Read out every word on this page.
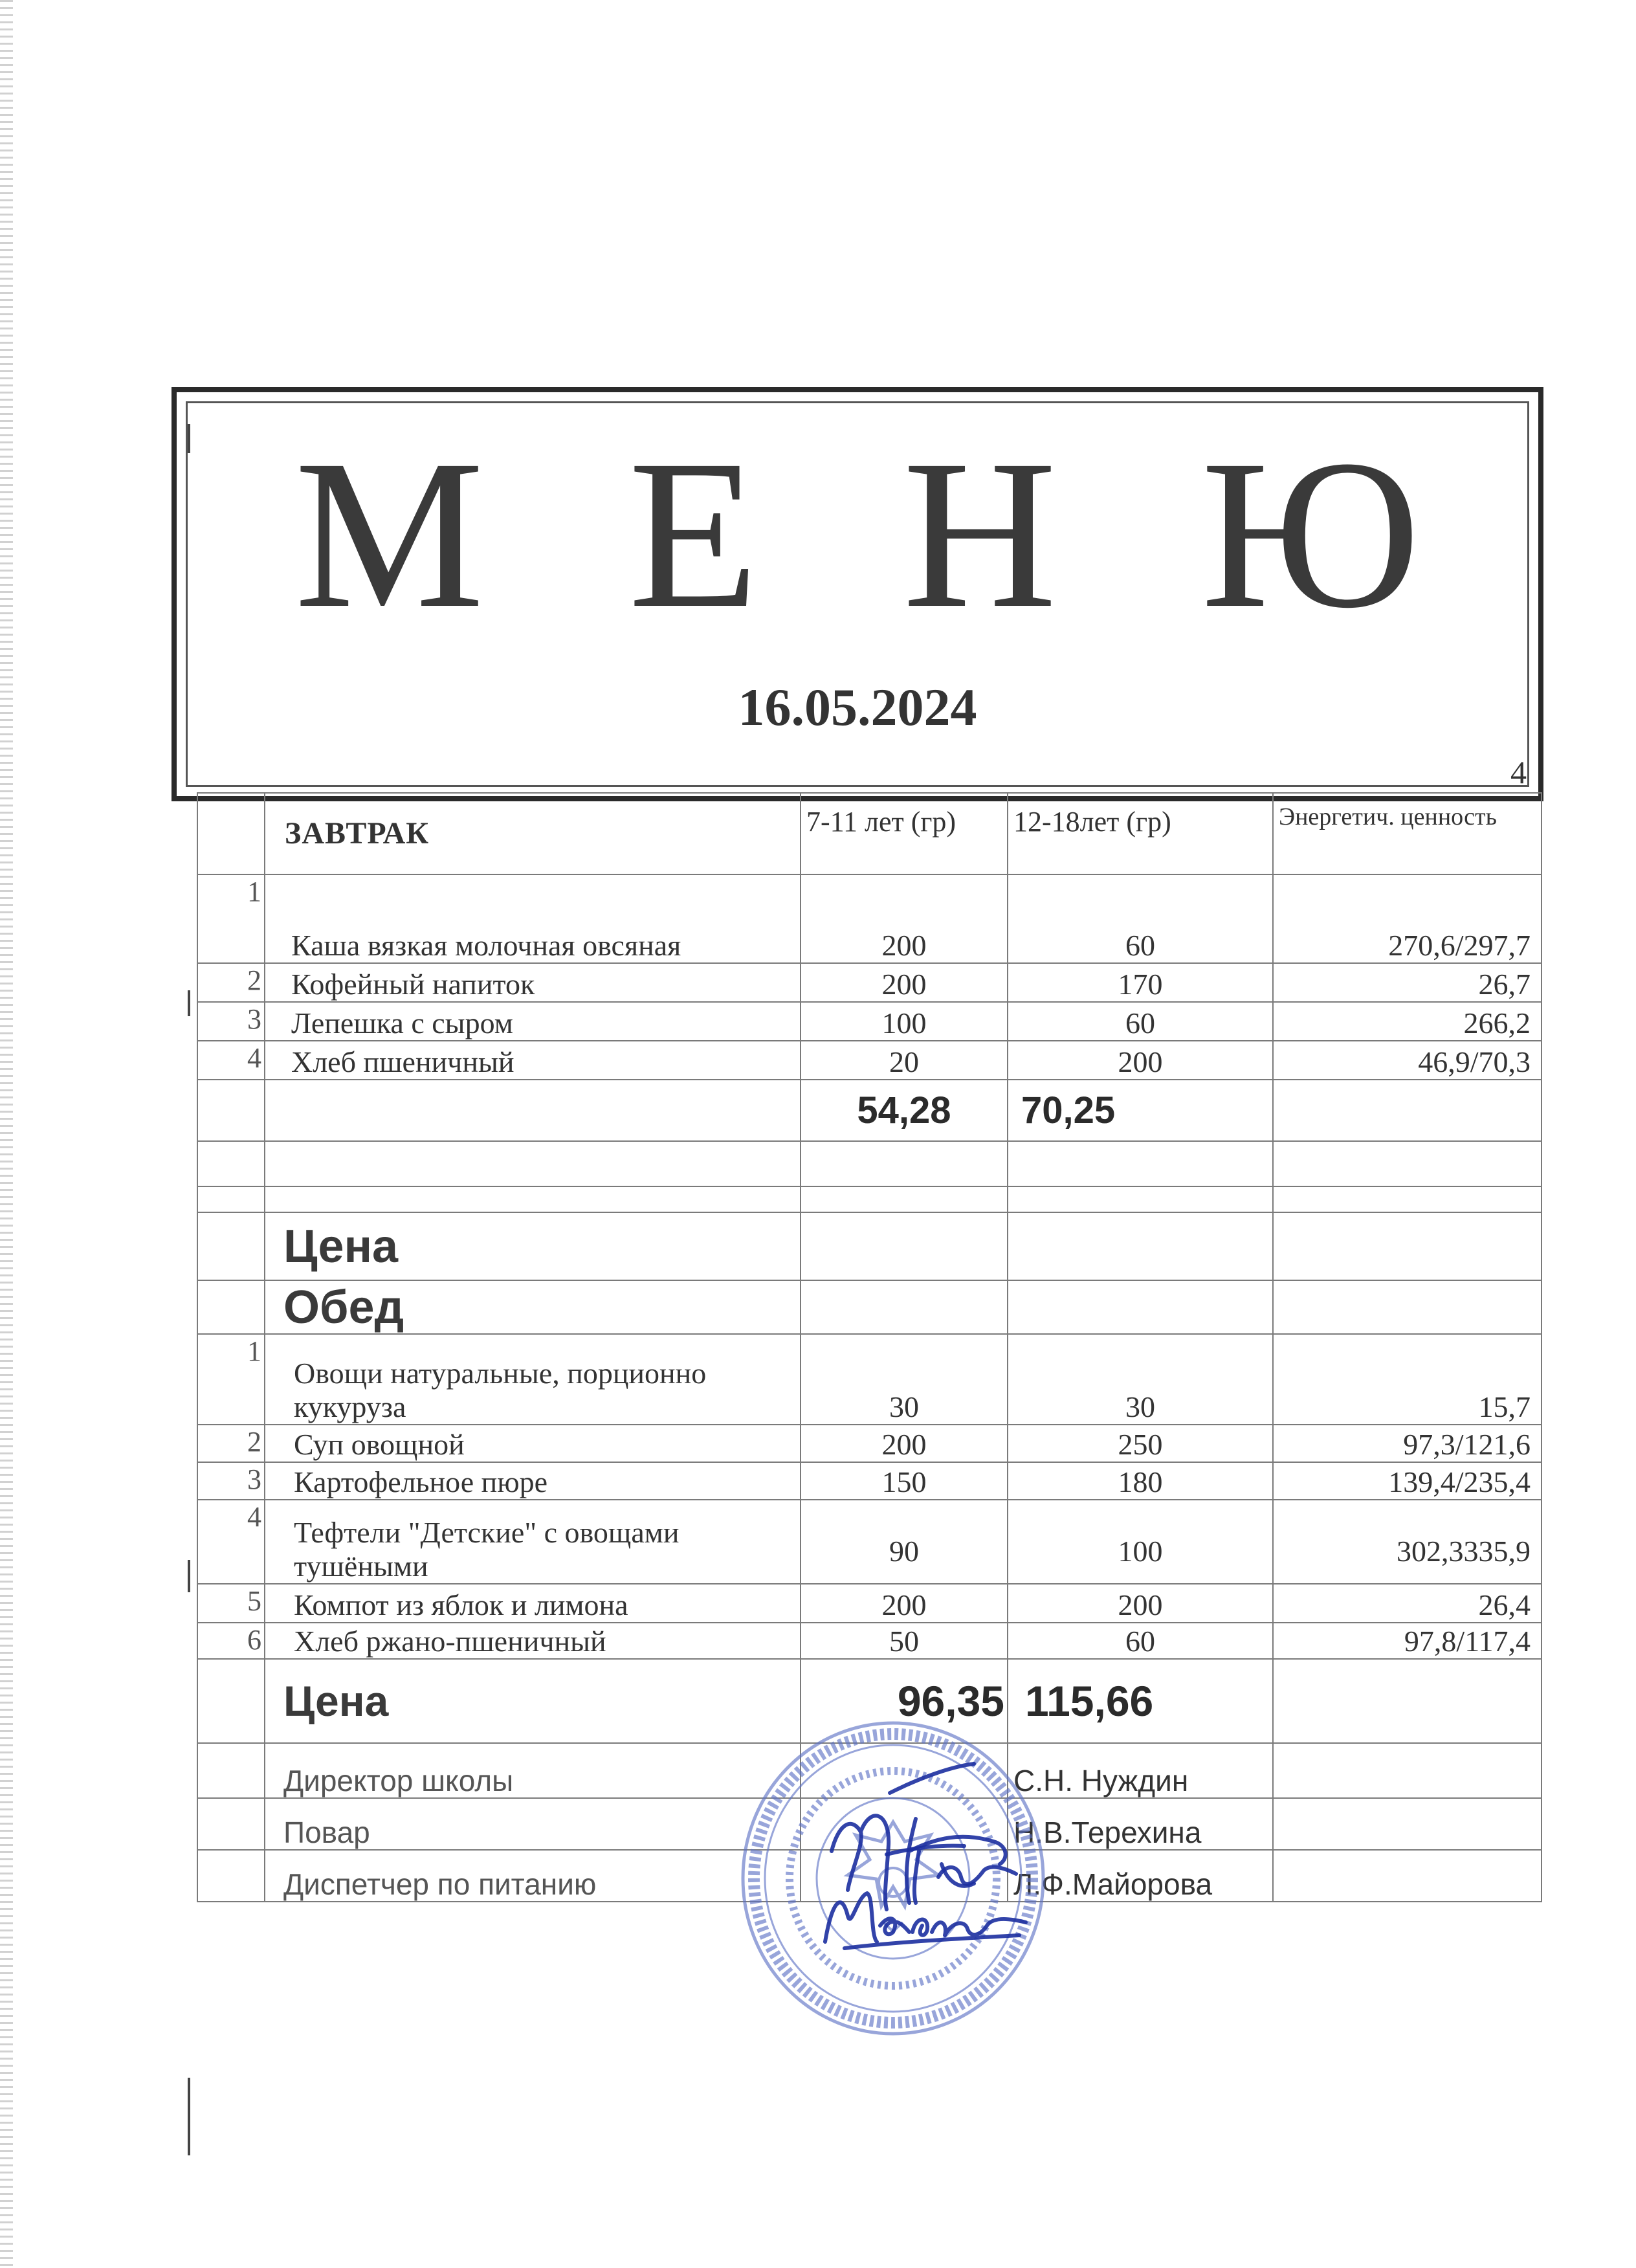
М Е Н Ю
16.05.2024
4
	ЗАВТРАК	7-11 лет (гр)	12-18лет (гр)	Энергетич. ценность
1	Каша вязкая молочная овсяная	200	60	270,6/297,7
2	Кофейный напиток	200	170	26,7
3	Лепешка с сыром	100	60	266,2
4	Хлеб пшеничный	20	200	46,9/70,3
		54,28	70,25	

	Цена			
	Обед			
1	Овощи натуральные, порционно кукуруза	30	30	15,7
2	Суп овощной	200	250	97,3/121,6
3	Картофельное пюре	150	180	139,4/235,4
4	Тефтели "Детские" с овощами тушёными	90	100	302,3335,9
5	Компот из яблок и лимона	200	200	26,4
6	Хлеб ржано-пшеничный	50	60	97,8/117,4
	Цена	96,35	115,66	
	Директор школы		С.Н. Нуждин	
	Повар		Н.В.Терехина	
	Диспетчер по питанию		Л.Ф.Майорова	
